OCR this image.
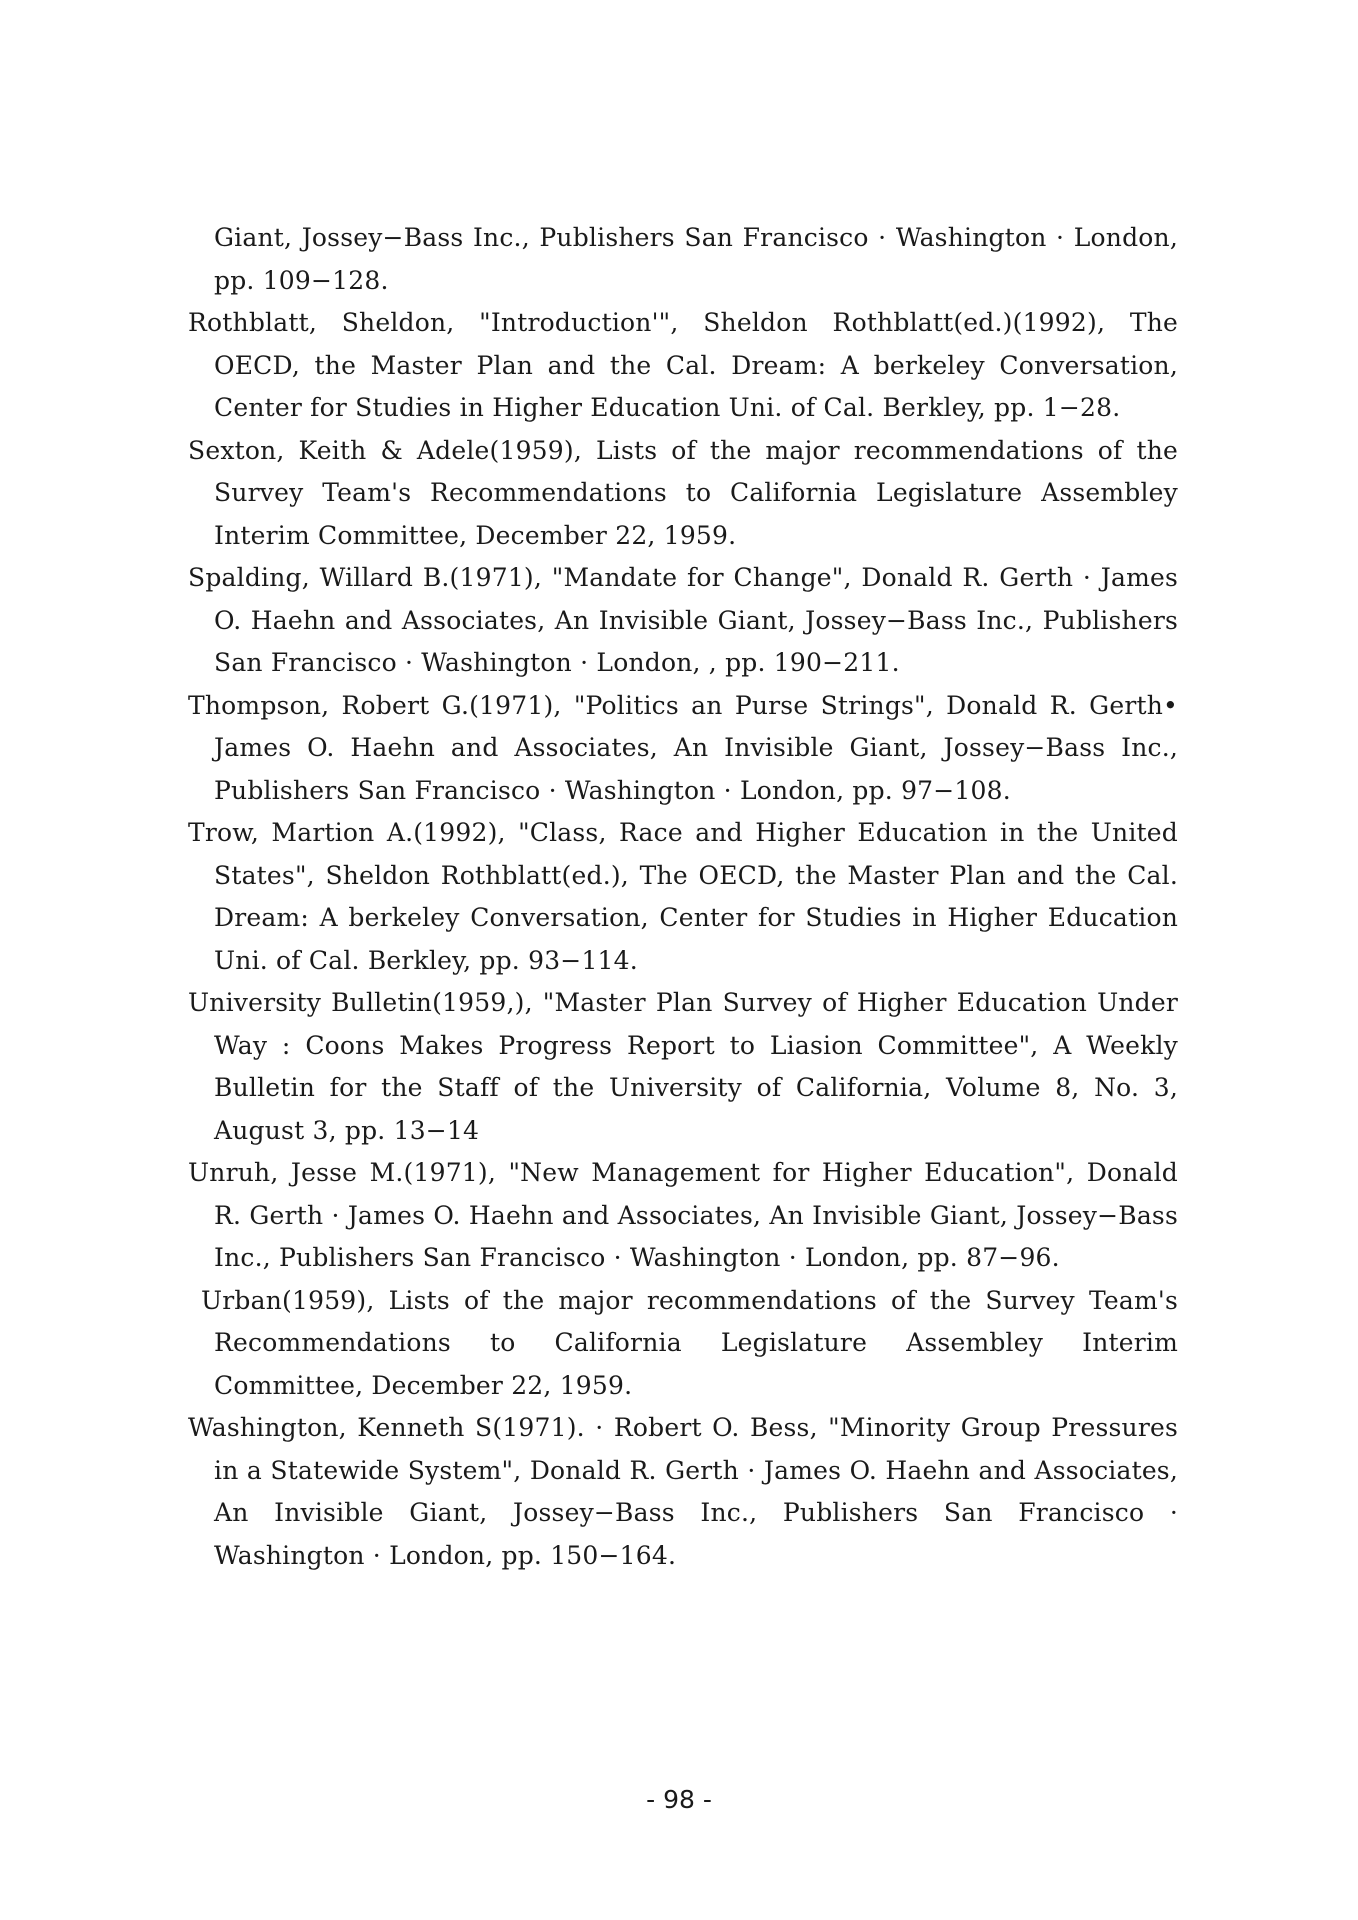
Giant, Jossey−Bass Inc., Publishers San Francisco · Washington · London, pp. 109−128.

Rothblatt, Sheldon, "Introduction'", Sheldon Rothblatt(ed.)(1992), The OECD, the Master Plan and the Cal. Dream: A berkeley Conversation, Center for Studies in Higher Education Uni. of Cal. Berkley, pp. 1−28.

Sexton, Keith & Adele(1959), Lists of the major recommendations of the Survey Team's Recommendations to California Legislature Assembley Interim Committee, December 22, 1959.

Spalding, Willard B.(1971), "Mandate for Change", Donald R. Gerth · James O. Haehn and Associates, An Invisible Giant, Jossey−Bass Inc., Publishers San Francisco · Washington · London, , pp. 190−211.

Thompson, Robert G.(1971), "Politics an Purse Strings", Donald R. Gerth• James O. Haehn and Associates, An Invisible Giant, Jossey−Bass Inc., Publishers San Francisco · Washington · London, pp. 97−108.

Trow, Martion A.(1992), "Class, Race and Higher Education in the United States", Sheldon Rothblatt(ed.), The OECD, the Master Plan and the Cal. Dream: A berkeley Conversation, Center for Studies in Higher Education Uni. of Cal. Berkley, pp. 93−114.

University Bulletin(1959,), "Master Plan Survey of Higher Education Under Way : Coons Makes Progress Report to Liasion Committee", A Weekly Bulletin for the Staff of the University of California, Volume 8, No. 3, August 3, pp. 13−14

Unruh, Jesse M.(1971), "New Management for Higher Education", Donald R. Gerth · James O. Haehn and Associates, An Invisible Giant, Jossey−Bass Inc., Publishers San Francisco · Washington · London, pp. 87−96.

Urban(1959), Lists of the major recommendations of the Survey Team's Recommendations to California Legislature Assembley Interim Committee, December 22, 1959.

Washington, Kenneth S(1971). · Robert O. Bess, "Minority Group Pressures in a Statewide System", Donald R. Gerth · James O. Haehn and Associates, An Invisible Giant, Jossey−Bass Inc., Publishers San Francisco · Washington · London, pp. 150−164.

- 98 -
